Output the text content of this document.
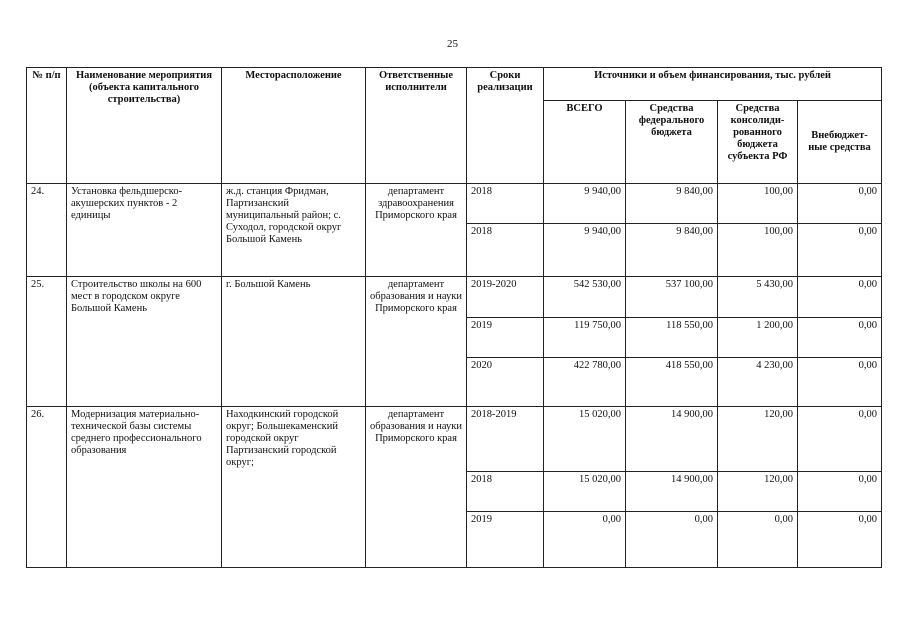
25
№ п/п	Наименование мероприятия (объекта капитального строительства)	Месторасположение	Ответственные исполнители	Сроки реализации	Источники и объем финансирования, тыс. рублей			
					ВСЕГО	Средства федерального бюджета	Средства консолиди-рованного бюджета субъекта РФ	Внебюджет-ные средства
24.	Установка фельдшерско-акушерских пунктов - 2 единицы	ж.д. станция Фридман, Партизанский муниципальный район; с. Суходол, городской округ Большой Камень	департамент здравоохранения Приморского края	2018	9 940,00	9 840,00	100,00	0,00
				2018	9 940,00	9 840,00	100,00	0,00
25.	Строительство школы на 600 мест в городском округе Большой Камень	г. Большой Камень	департамент образования и науки Приморского края	2019-2020	542 530,00	537 100,00	5 430,00	0,00
				2019	119 750,00	118 550,00	1 200,00	0,00
				2020	422 780,00	418 550,00	4 230,00	0,00
26.	Модернизация материально-технической базы системы среднего профессионального образования	Находкинский городской округ; Большекаменский городской округ Партизанский городской округ;	департамент образования и науки Приморского края	2018-2019	15 020,00	14 900,00	120,00	0,00
				2018	15 020,00	14 900,00	120,00	0,00
				2019	0,00	0,00	0,00	0,00
